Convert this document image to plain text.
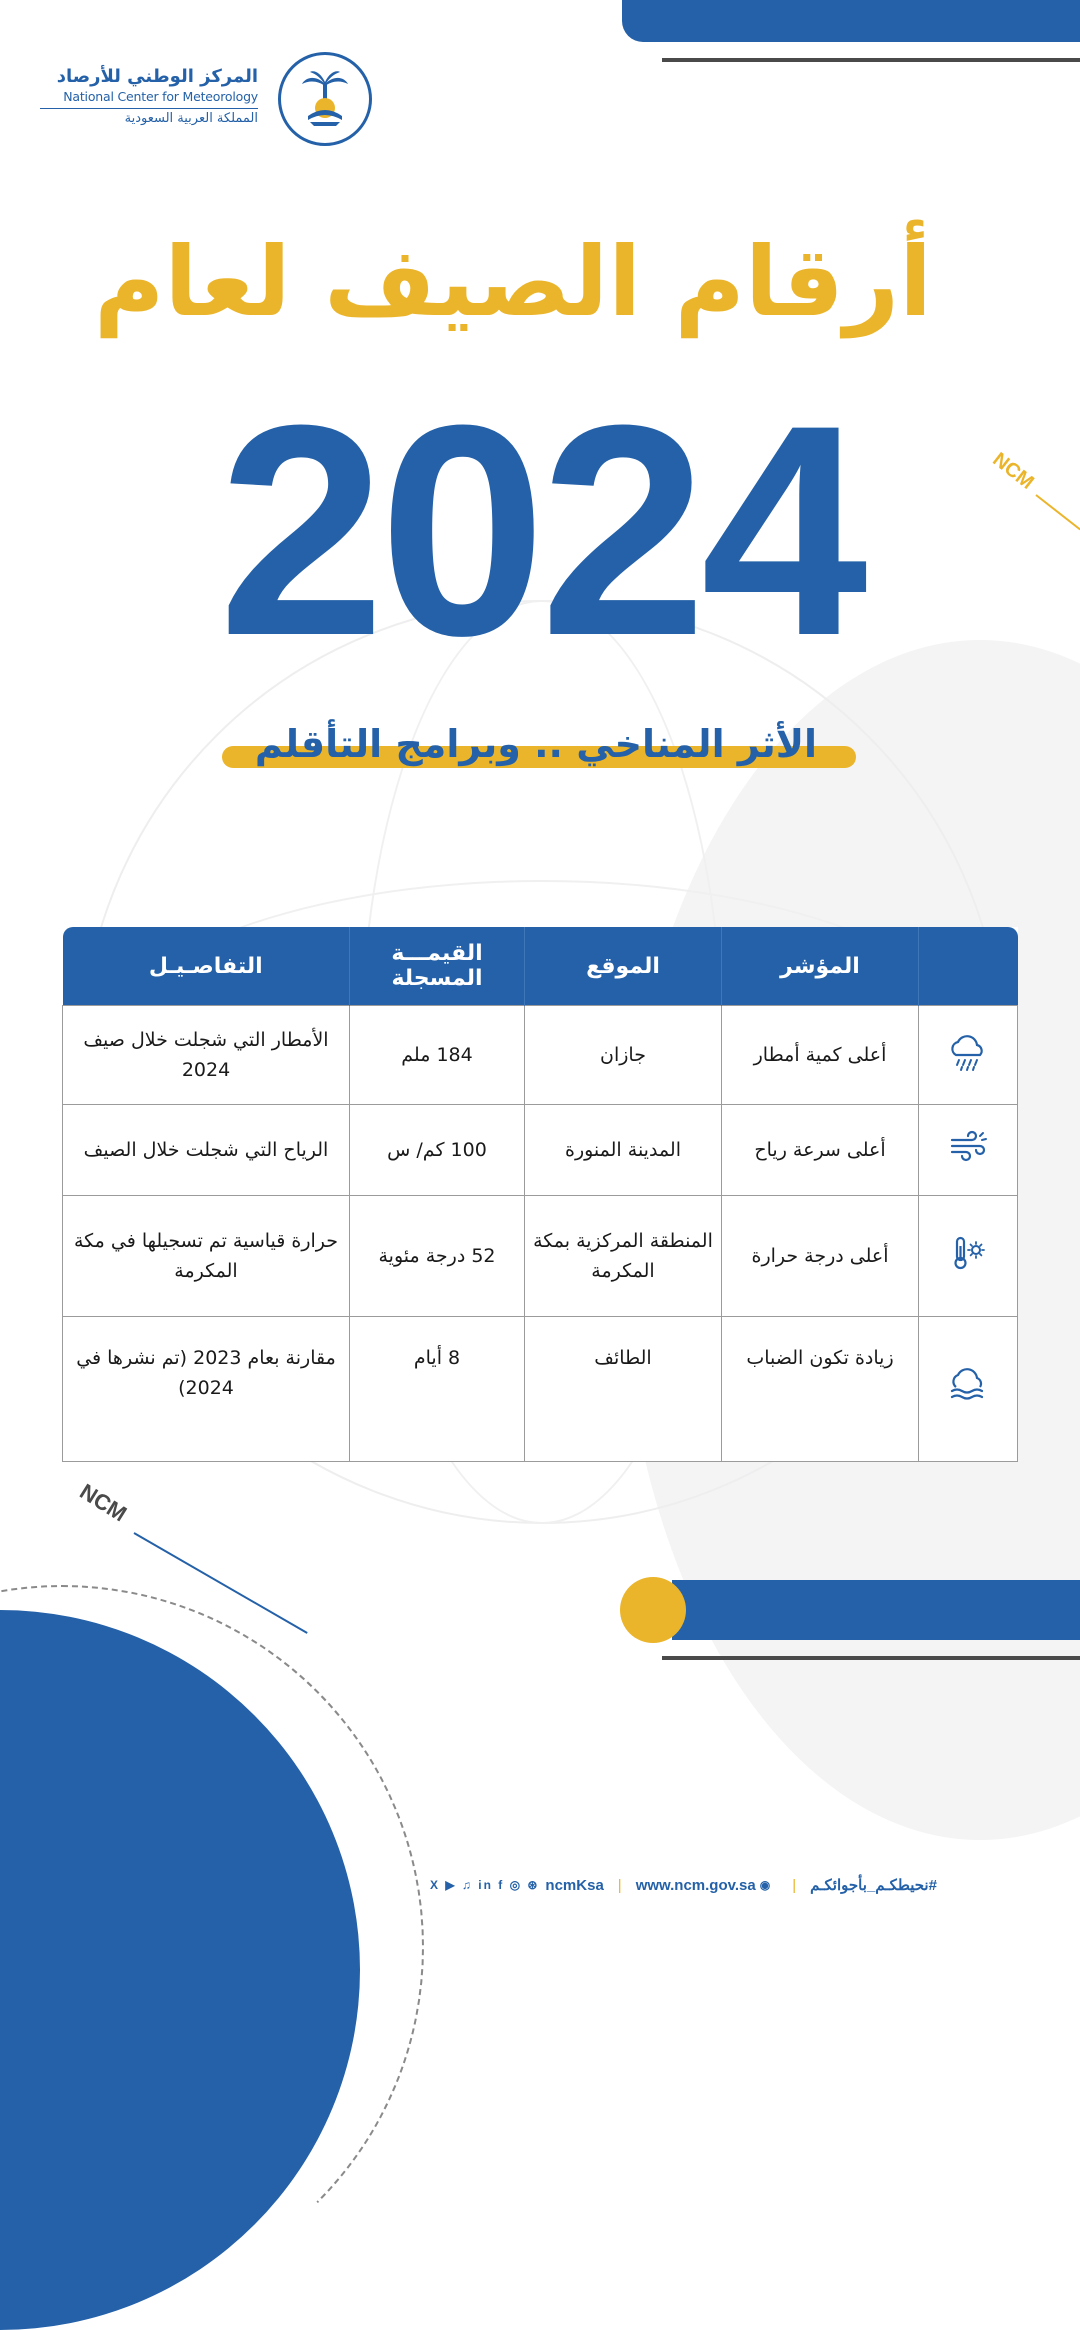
المركز الوطني للأرصاد
National Center for Meteorology
المملكة العربية السعودية
أرقام الصيف لعام
2024	NCM
الأثر المناخي .. وبرامج التأقلم
	المؤشر	الموقع	القيمـــة المسجلة	التفاصـيـل
	أعلى كمية أمطار	جازان	184 ملم	الأمطار التي شجلت خلال صيف 2024
	أعلى سرعة رياح	المدينة المنورة	100 كم/ س	الرياح التي شجلت خلال الصيف
	أعلى درجة حرارة	المنطقة المركزية بمكة المكرمة	52 درجة مئوية	حرارة قياسية تم تسجيلها في مكة المكرمة
	زيادة تكون الضباب	الطائف	8 أيام	مقارنة بعام 2023 (تم نشرها في 2024)
NCM
X ▶ ♫ in f ◎ ⊛ ncmKsa | www.ncm.gov.sa ◉ | #نحيطكـم_بأجوائكـم
